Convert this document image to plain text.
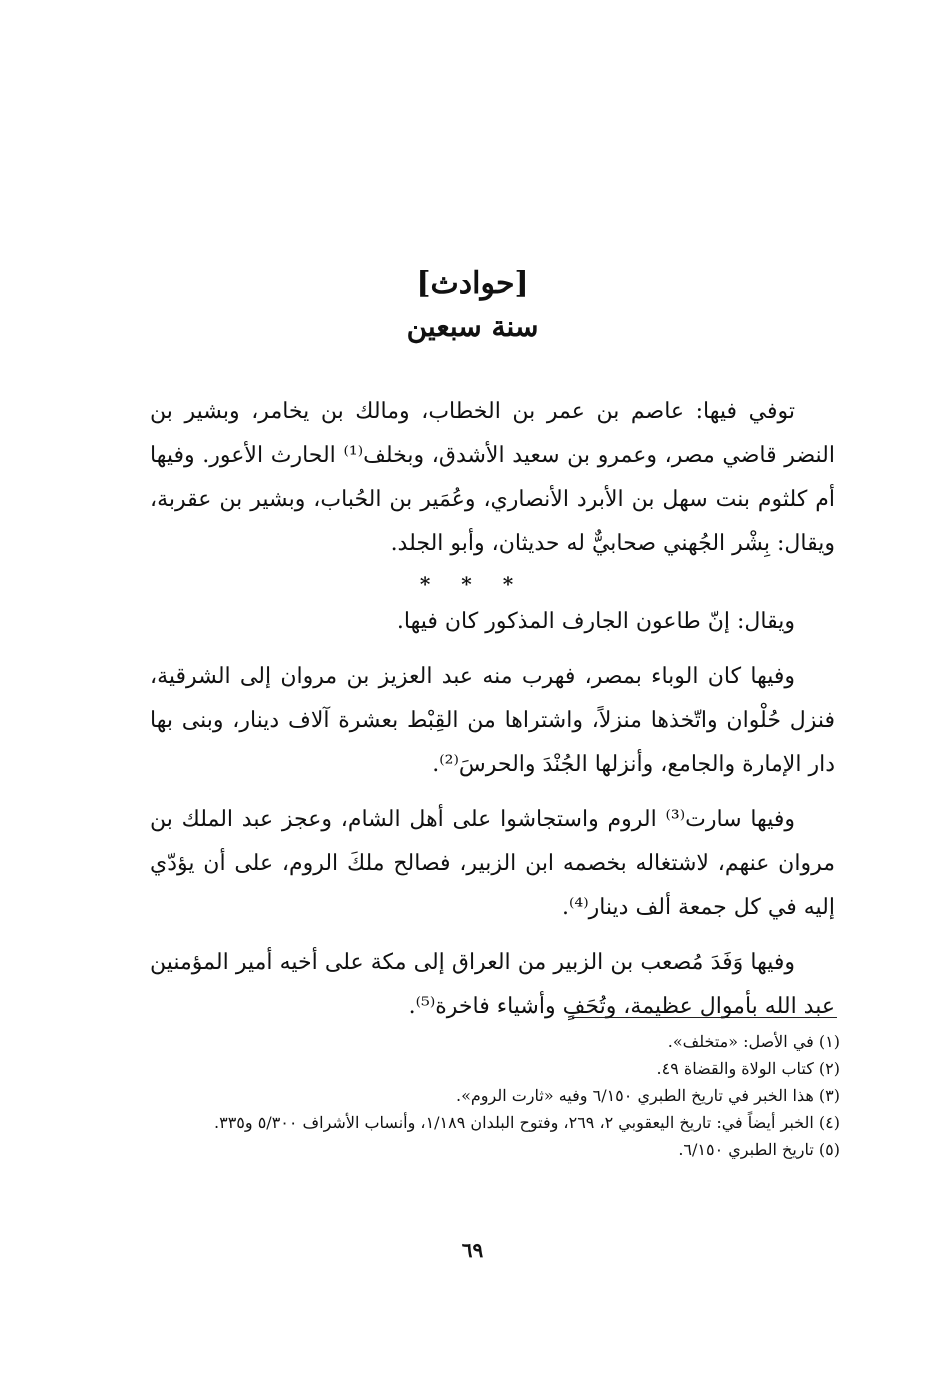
[حوادث]
سنة سبعين

توفي فيها: عاصم بن عمر بن الخطاب، ومالك بن يخامر، وبشير بن النضر قاضي مصر، وعمرو بن سعيد الأشدق، وبخلف⁽¹⁾ الحارث الأعور. وفيها أم كلثوم بنت سهل بن الأبرد الأنصاري، وعُمَير بن الحُباب، وبشير بن عقربة، ويقال: بِشْر الجُهني صحابيٌّ له حديثان، وأبو الجلد.

* * *

ويقال: إنّ طاعون الجارف المذكور كان فيها.

وفيها كان الوباء بمصر، فهرب منه عبد العزيز بن مروان إلى الشرقية، فنزل حُلْوان واتّخذها منزلاً، واشتراها من القِبْط بعشرة آلاف دينار، وبنى بها دار الإمارة والجامع، وأنزلها الجُنْدَ والحرسَ⁽²⁾.

وفيها سارت⁽³⁾ الروم واستجاشوا على أهل الشام، وعجز عبد الملك بن مروان عنهم، لاشتغاله بخصمه ابن الزبير، فصالح ملكَ الروم، على أن يؤدّي إليه في كل جمعة ألف دينار⁽⁴⁾.

وفيها وَفَدَ مُصعب بن الزبير من العراق إلى مكة على أخيه أمير المؤمنين عبد الله بأموال عظيمة، وتُحَفٍ وأشياء فاخرة⁽⁵⁾.

(١) في الأصل: «متخلف».

(٢) كتاب الولاة والقضاة ٤٩.

(٣) هذا الخبر في تاريخ الطبري ٦/١٥٠ وفيه «ثارت الروم».

(٤) الخبر أيضاً في: تاريخ اليعقوبي ٢، ٢٦٩، وفتوح البلدان ١/١٨٩، وأنساب الأشراف ٥/٣٠٠ و٣٣٥.

(٥) تاريخ الطبري ٦/١٥٠.

٦٩
